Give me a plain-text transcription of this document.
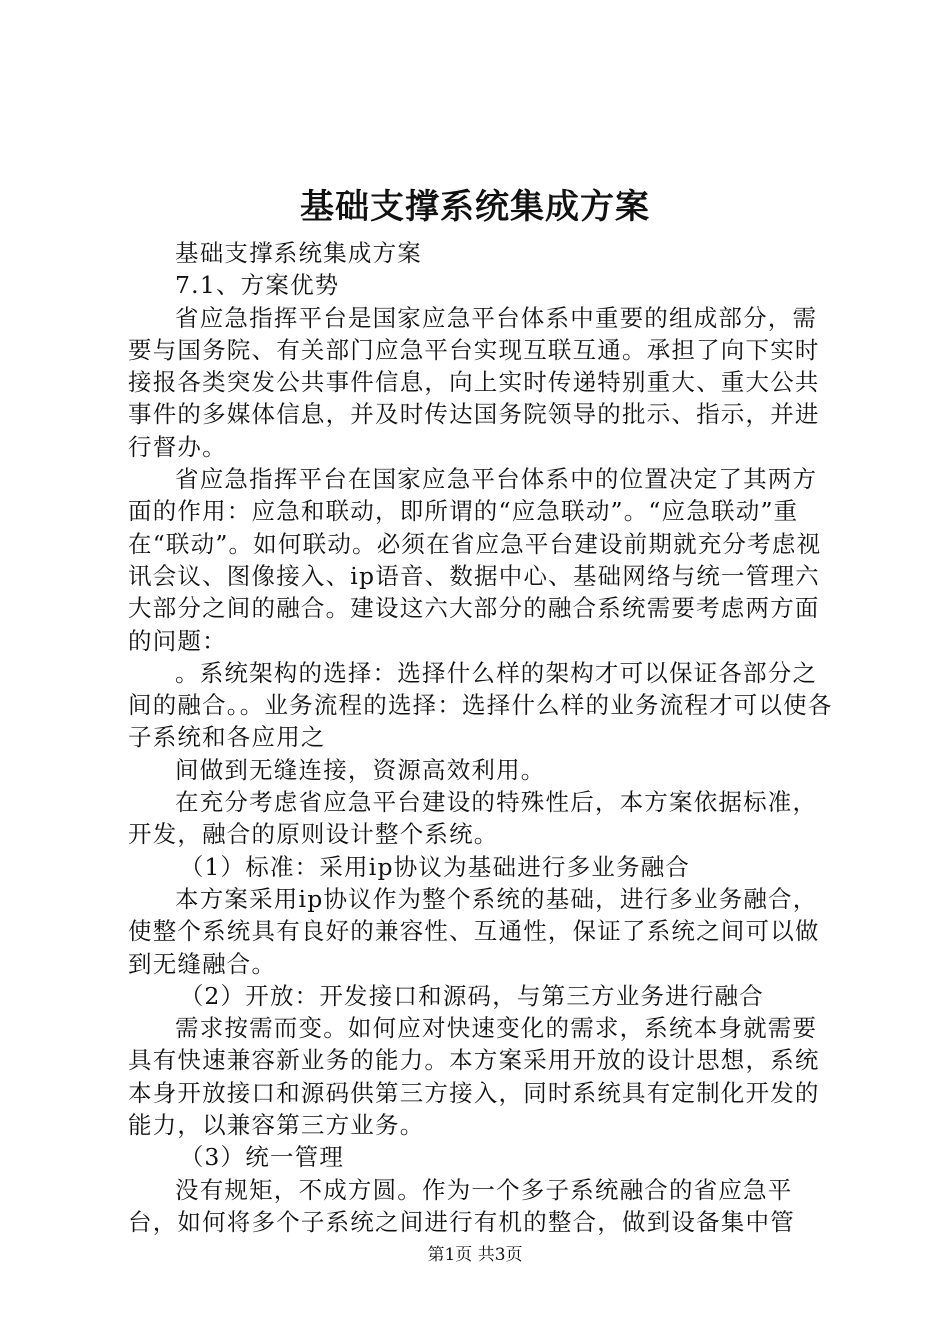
基础支撑系统集成方案

基础支撑系统集成方案

7.1、方案优势

省应急指挥平台是国家应急平台体系中重要的组成部分，需要与国务院、有关部门应急平台实现互联互通。承担了向下实时接报各类突发公共事件信息，向上实时传递特别重大、重大公共事件的多媒体信息，并及时传达国务院领导的批示、指示，并进行督办。

省应急指挥平台在国家应急平台体系中的位置决定了其两方面的作用：应急和联动，即所谓的“应急联动”。“应急联动”重在“联动”。如何联动。必须在省应急平台建设前期就充分考虑视讯会议、图像接入、ip语音、数据中心、基础网络与统一管理六大部分之间的融合。建设这六大部分的融合系统需要考虑两方面的问题：

。系统架构的选择：选择什么样的架构才可以保证各部分之间的融合。。业务流程的选择：选择什么样的业务流程才可以使各子系统和各应用之

间做到无缝连接，资源高效利用。

在充分考虑省应急平台建设的特殊性后，本方案依据标准，开发，融合的原则设计整个系统。

（1）标准：采用ip协议为基础进行多业务融合

本方案采用ip协议作为整个系统的基础，进行多业务融合，使整个系统具有良好的兼容性、互通性，保证了系统之间可以做到无缝融合。

（2）开放：开发接口和源码，与第三方业务进行融合

需求按需而变。如何应对快速变化的需求，系统本身就需要具有快速兼容新业务的能力。本方案采用开放的设计思想，系统本身开放接口和源码供第三方接入，同时系统具有定制化开发的能力，以兼容第三方业务。

（3）统一管理

没有规矩，不成方圆。作为一个多子系统融合的省应急平台，如何将多个子系统之间进行有机的整合，做到设备集中管

第1页 共3页
